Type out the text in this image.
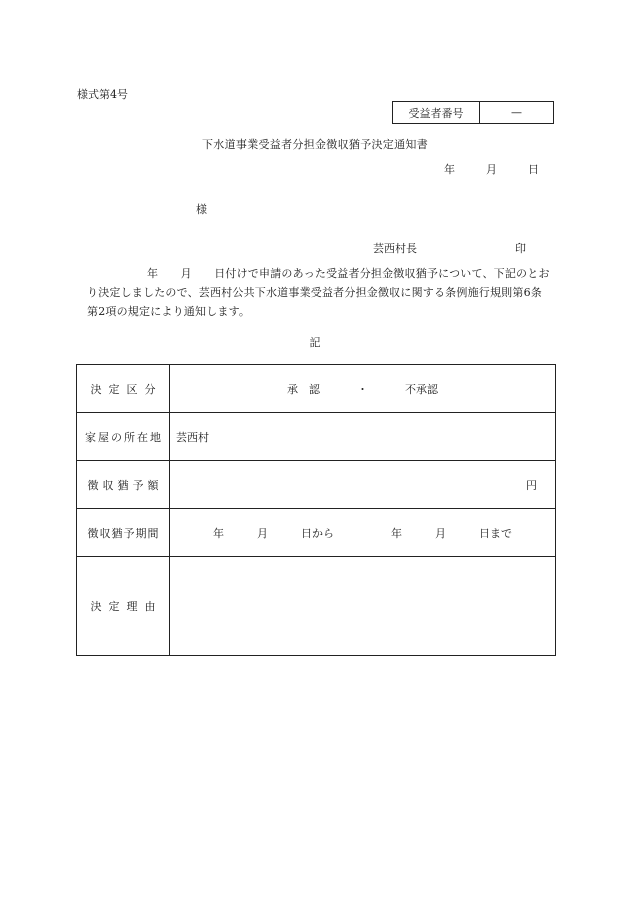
様式第4号
受益者番号	—
下水道事業受益者分担金徴収猶予決定通知書
年	月	日
様
芸西村長	印
年　　月　　日付けで申請のあった受益者分担金徴収猶予について、下記のとおり決定しましたので、芸西村公共下水道事業受益者分担金徴収に関する条例施行規則第6条第2項の規定により通知します。
記
決定区分	承　認 ・ 不承認
家屋の所在地	芸西村
徴収猶予額	円
徴収猶予期間	年 月 日から 年 月 日まで
決定理由	
